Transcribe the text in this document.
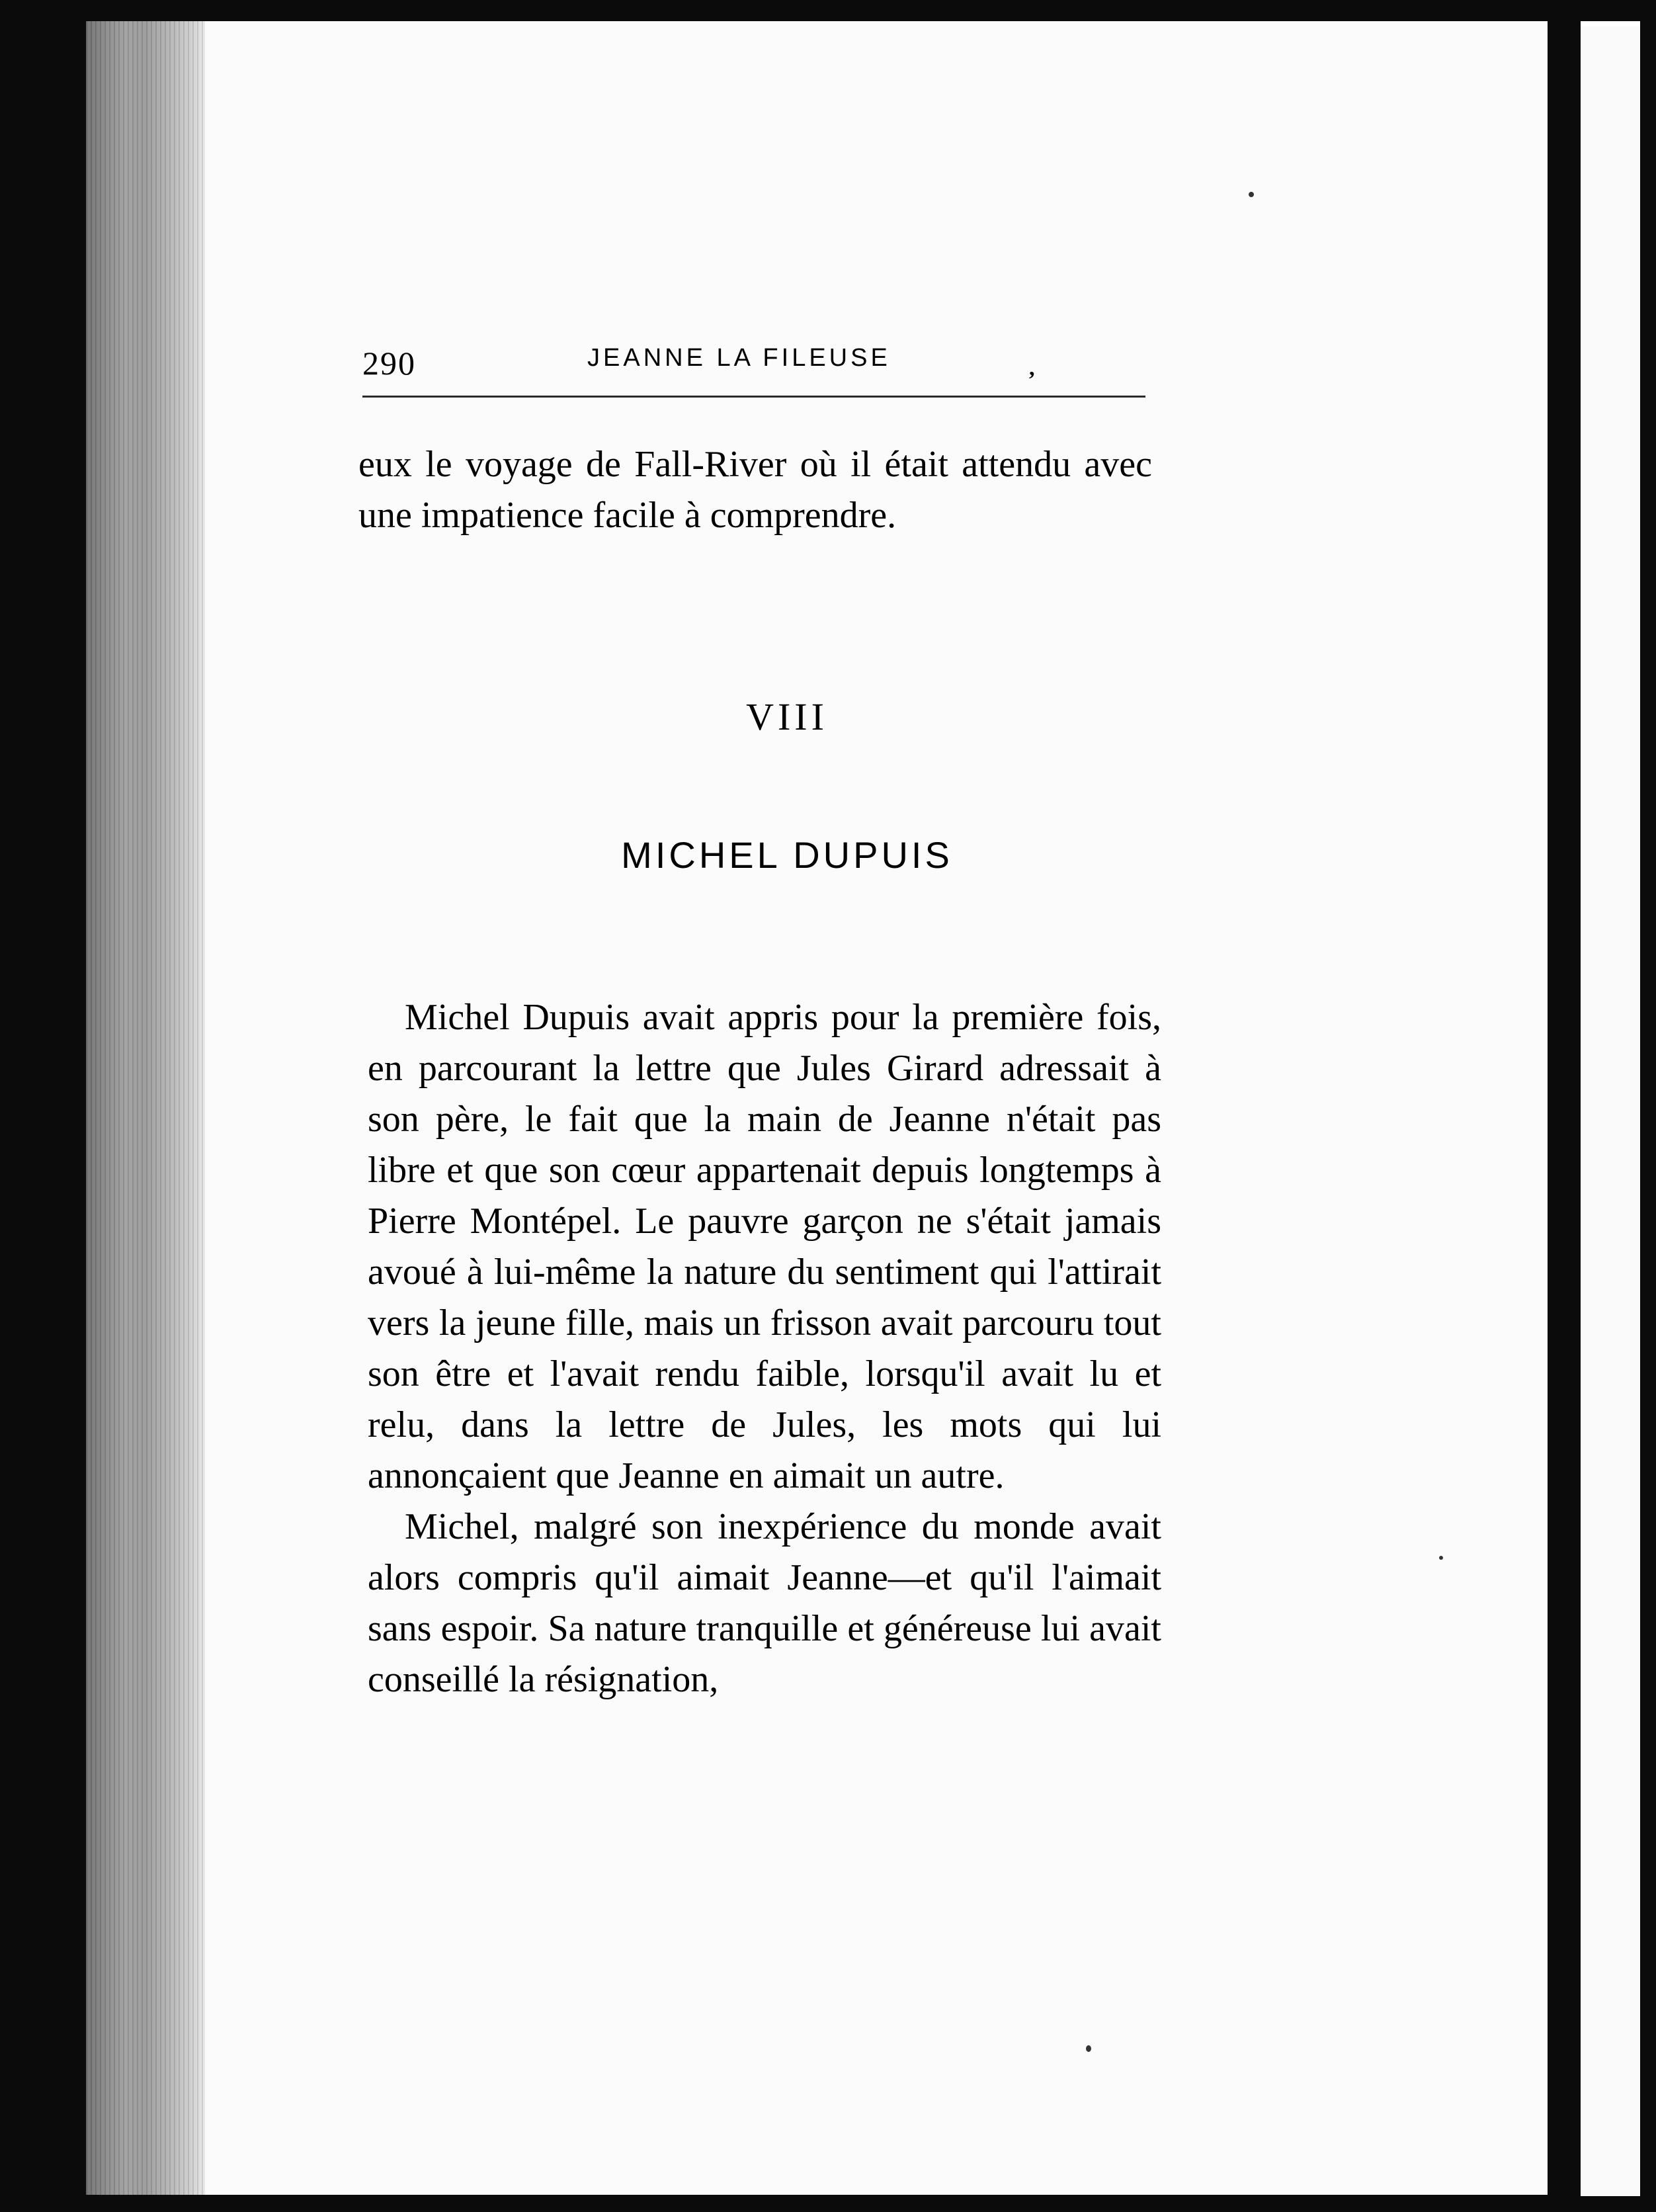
290	JEANNE LA FILEUSE	,
eux le voyage de Fall-River où il était attendu avec une impatience facile à comprendre.
VIII
MICHEL DUPUIS

Michel Dupuis avait appris pour la première fois, en parcourant la lettre que Jules Girard adressait à son père, le fait que la main de Jeanne n'était pas libre et que son cœur appartenait depuis longtemps à Pierre Montépel. Le pauvre garçon ne s'était jamais avoué à lui-même la nature du sentiment qui l'attirait vers la jeune fille, mais un frisson avait parcouru tout son être et l'avait rendu faible, lorsqu'il avait lu et relu, dans la lettre de Jules, les mots qui lui annonçaient que Jeanne en aimait un autre.

Michel, malgré son inexpérience du monde avait alors compris qu'il aimait Jeanne—et qu'il l'aimait sans espoir. Sa nature tranquille et généreuse lui avait conseillé la résignation,
